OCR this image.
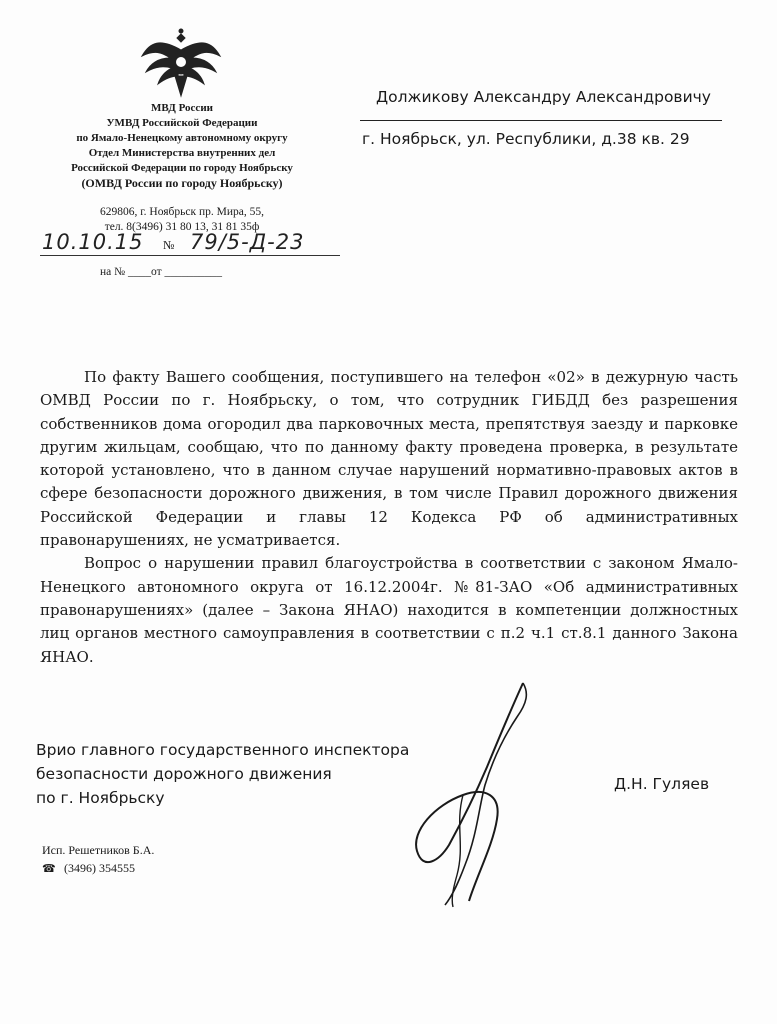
МВД России
УМВД Российской Федерации
по Ямало-Ненецкому автономному округу
Отдел Министерства внутренних дел
Российской Федерации по городу Ноябрьску
(ОМВД России по городу Ноябрьску)
629806, г. Ноябрьск пр. Мира, 55,
тел. 8(3496) 31 80 13, 31 81 35ф
10.10.15 № 79/5-Д-23
на № ____от __________
Должикову Александру Александровичу
г. Ноябрьск, ул. Республики, д.38 кв. 29

По факту Вашего сообщения, поступившего на телефон «02» в дежурную часть ОМВД России по г. Ноябрьску, о том, что сотрудник ГИБДД без разрешения собственников дома огородил два парковочных места, препятствуя заезду и парковке другим жильцам, сообщаю, что по данному факту проведена проверка, в результате которой установлено, что в данном случае нарушений нормативно-правовых актов в сфере безопасности дорожного движения, в том числе Правил дорожного движения Российской Федерации и главы 12 Кодекса РФ об административных правонарушениях, не усматривается.

Вопрос о нарушении правил благоустройства в соответствии с законом Ямало-Ненецкого автономного округа от 16.12.2004г. №81-ЗАО «Об административных правонарушениях» (далее – Закона ЯНАО) находится в компетенции должностных лиц органов местного самоуправления в соответствии с п.2 ч.1 ст.8.1 данного Закона ЯНАО.

Врио главного государственного инспектора
безопасности дорожного движения
по г. Ноябрьску
Д.Н. Гуляев
Исп. Решетников Б.А.
☎ (3496) 354555
